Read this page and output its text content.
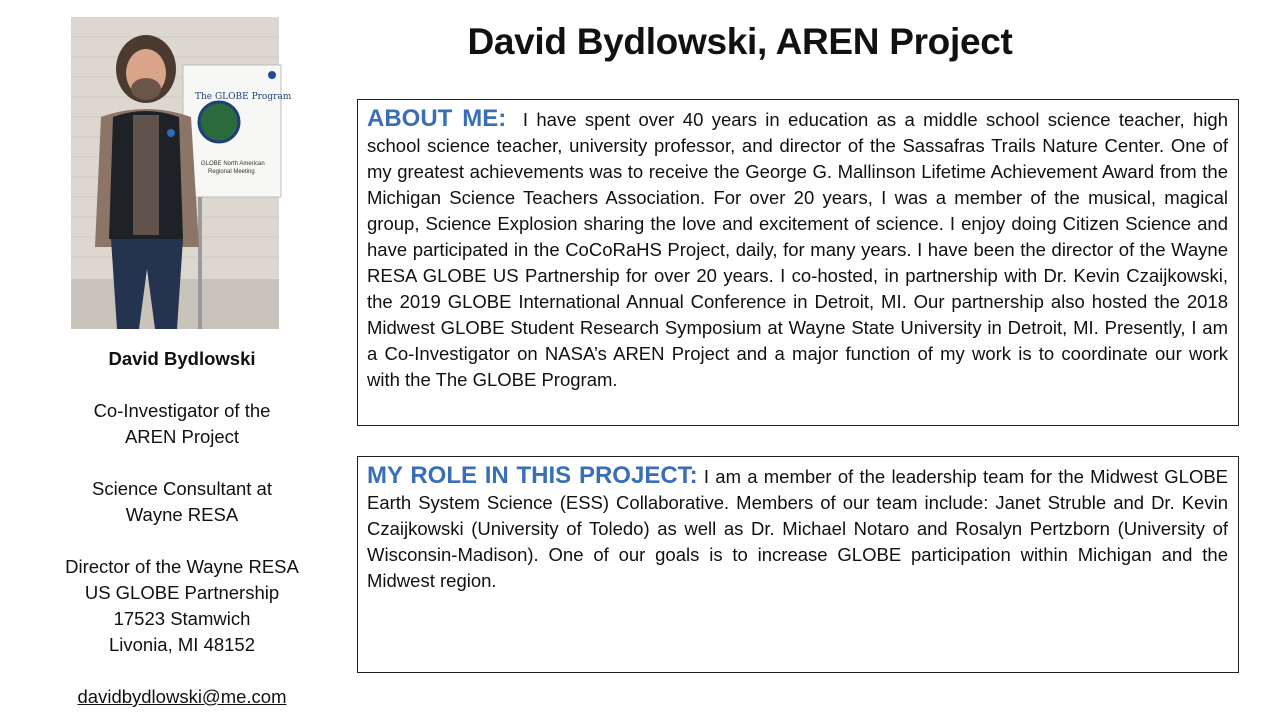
David Bydlowski, AREN Project
The GLOBE Program
GLOBE North American
Regional Meeting
David Bydlowski
Co-Investigator of the
AREN Project
Science Consultant at
Wayne RESA
Director of the Wayne RESA
US GLOBE Partnership
17523 Stamwich
Livonia, MI 48152
davidbydlowski@me.com
ABOUT ME: I have spent over 40 years in education as a middle school science teacher, high school science teacher, university professor, and director of the Sassafras Trails Nature Center. One of my greatest achievements was to receive the George G. Mallinson Lifetime Achievement Award from the Michigan Science Teachers Association. For over 20 years, I was a member of the musical, magical group, Science Explosion sharing the love and excitement of science. I enjoy doing Citizen Science and have participated in the CoCoRaHS Project, daily, for many years. I have been the director of the Wayne RESA GLOBE US Partnership for over 20 years. I co-hosted, in partnership with Dr. Kevin Czaijkowski, the 2019 GLOBE International Annual Conference in Detroit, MI. Our partnership also hosted the 2018 Midwest GLOBE Student Research Symposium at Wayne State University in Detroit, MI. Presently, I am a Co-Investigator on NASA’s AREN Project and a major function of my work is to coordinate our work with the The GLOBE Program.
MY ROLE IN THIS PROJECT: I am a member of the leadership team for the Midwest GLOBE Earth System Science (ESS) Collaborative. Members of our team include: Janet Struble and Dr. Kevin Czaijkowski (University of Toledo) as well as Dr. Michael Notaro and Rosalyn Pertzborn (University of Wisconsin-Madison). One of our goals is to increase GLOBE participation within Michigan and the Midwest region.
